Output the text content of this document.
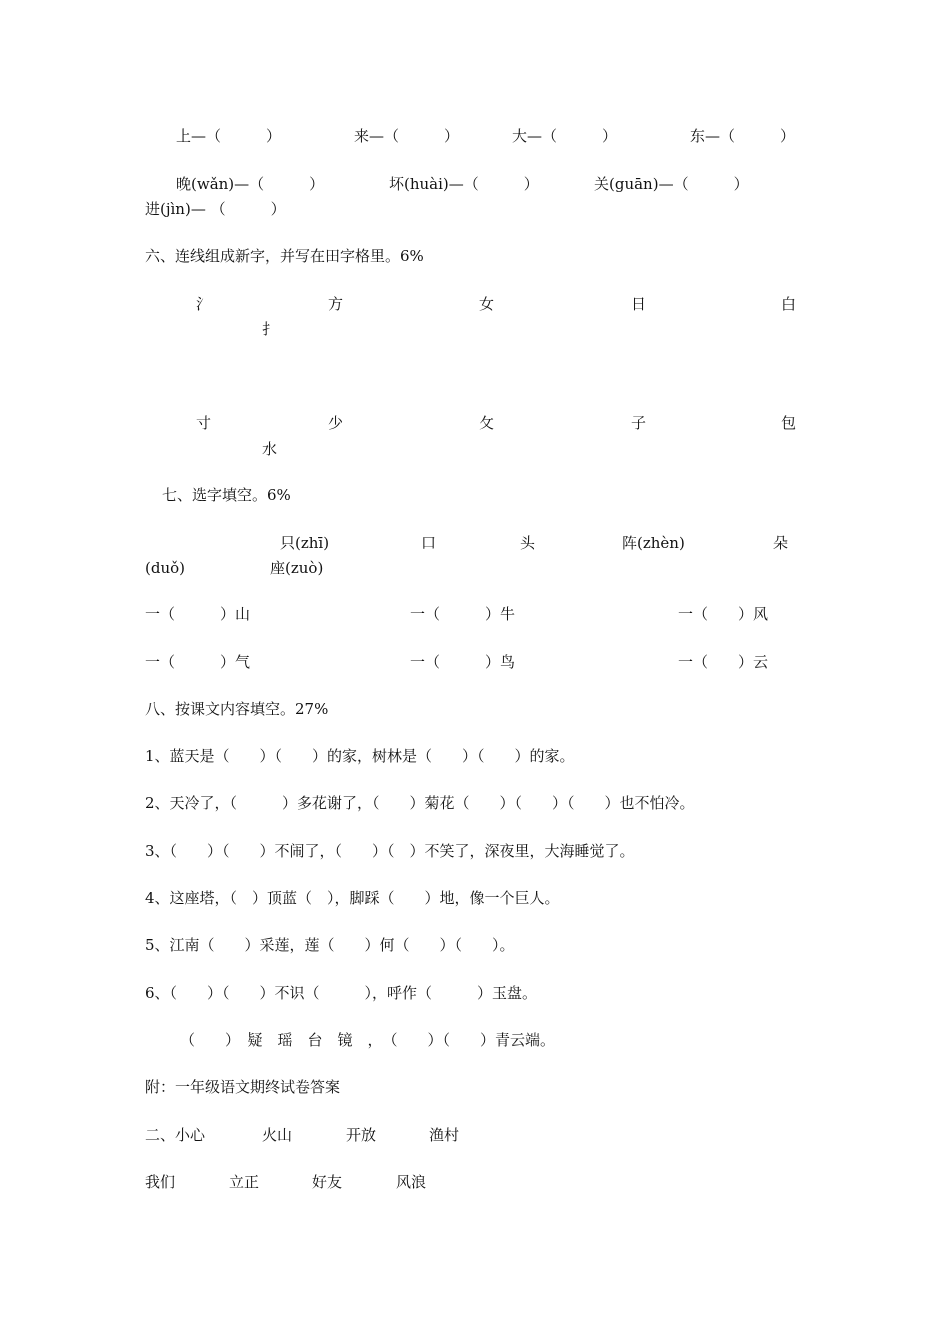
上—（　　　）	来—（　　　）	大—（　　　）	东—（　　　）
晚(wǎn)—（　　　）	坏(huài)—（　　　）	关(guān)—（　　　）
进(jìn)— （　　　）
六、连线组成新字，并写在田字格里。6%
氵	方	女	日	白
扌
寸	少	攵	子	包
水
七、选字填空。6%
只(zhī)	口	头	阵(zhèn)	朵
(duǒ)	座(zuò)
一（　　　）山	一（　　　）牛	一（　　）风
一（　　　）气	一（　　　）鸟	一（　　）云
八、按课文内容填空。27%
1、蓝天是（　　）（　　）的家，树林是（　　）（　　）的家。
2、天冷了，（　　　）多花谢了，（　　）菊花（　　）（　　）（　　）也不怕冷。
3、（　　）（　　）不闹了，（　　）（　）不笑了，深夜里，大海睡觉了。
4、这座塔，（　）顶蓝（　），脚踩（　　）地，像一个巨人。
5、江南（　　）采莲，莲（　　）何（　　）（　　）。
6、（　　）（　　）不识（　　　），呼作（　　　）玉盘。
（　　）　疑　瑶　台　镜　，　（　　）（　　）青云端。
附：一年级语文期终试卷答案
二、小心	火山	开放	渔村
我们	立正	好友	风浪
